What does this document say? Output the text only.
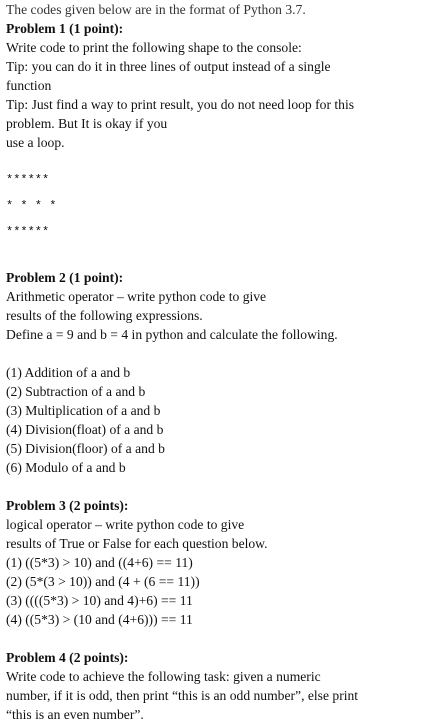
The codes given below are in the format of Python 3.7.
Problem 1 (1 point):
Write code to print the following shape to the console:
Tip: you can do it in three lines of output instead of a single
function
Tip: Just find a way to print result, you do not need loop for this
problem. But It is okay if you
use a loop.
******
* * * *
******
Problem 2 (1 point):
Arithmetic operator – write python code to give
results of the following expressions.
Define a = 9 and b = 4 in python and calculate the following.
(1) Addition of a and b
(2) Subtraction of a and b
(3) Multiplication of a and b
(4) Division(float) of a and b
(5) Division(floor) of a and b
(6) Modulo of a and b
Problem 3 (2 points):
logical operator – write python code to give
results of True or False for each question below.
(1) ((5*3) > 10) and ((4+6) == 11)
(2) (5*(3 > 10)) and (4 + (6 == 11))
(3) ((((5*3) > 10) and 4)+6) == 11
(4) ((5*3) > (10 and (4+6))) == 11
Problem 4 (2 points):
Write code to achieve the following task: given a numeric
number, if it is odd, then print “this is an odd number”, else print
“this is an even number”.
